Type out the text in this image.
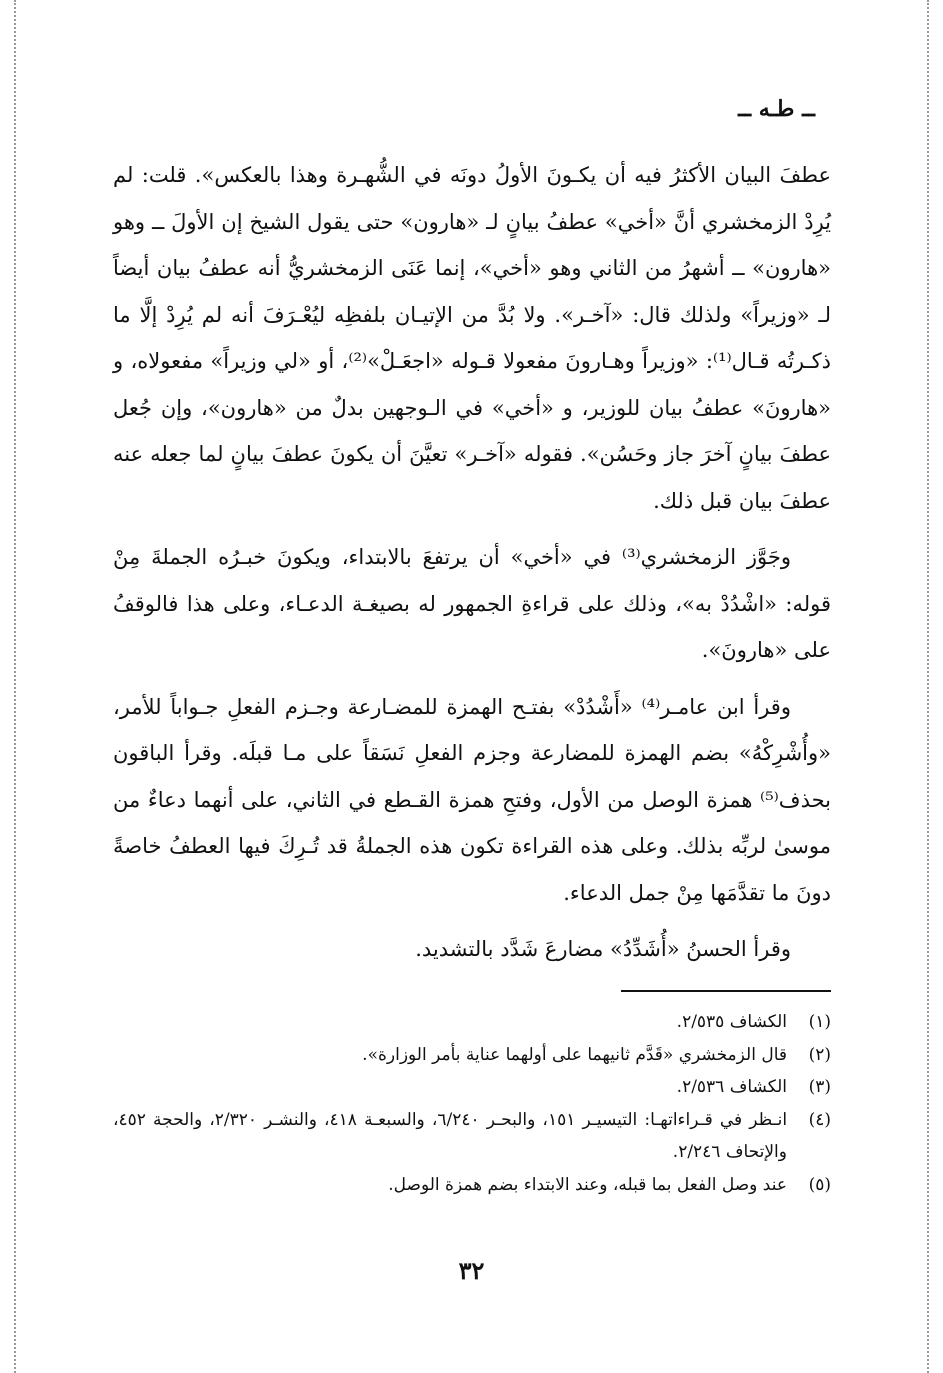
ــ طـه ــ

عطفَ البيان الأكثرُ فيه أن يكـونَ الأولُ دونَه في الشُّهـرة وهذا بالعكس». قلت: لم يُرِدْ الزمخشري أنَّ «أخي» عطفُ بيانٍ لـ «هارون» حتى يقول الشيخ إن الأولَ ــ وهو «هارون» ــ أشهرُ من الثاني وهو «أخي»، إنما عَنَى الزمخشريُّ أنه عطفُ بيان أيضاً لـ «وزيراً» ولذلك قال: «آخـر». ولا بُدَّ من الإتيـان بلفظِه ليُعْـرَفَ أنه لم يُرِدْ إلَّا ما ذكـرتُه قـال⁽¹⁾: «وزيراً وهـارونَ مفعولا قـوله «اجعَـلْ»⁽²⁾، أو «لي وزيراً» مفعولاه، و «هارونَ» عطفُ بيان للوزير، و «أخي» في الـوجهين بدلٌ من «هارون»، وإن جُعل عطفَ بيانٍ آخرَ جاز وحَسُن». فقوله «آخـر» تعيَّنَ أن يكونَ عطفَ بيانٍ لما جعله عنه عطفَ بيان قبل ذلك.

وجَوَّز الزمخشري⁽³⁾ في «أخي» أن يرتفعَ بالابتداء، ويكونَ خبـرُه الجملةَ مِنْ قوله: «اشْدُدْ به»، وذلك على قراءةِ الجمهور له بصيغـة الدعـاء، وعلى هذا فالوقفُ على «هارونَ».

وقرأ ابن عامـر⁽⁴⁾ «أَشْدُدْ» بفتـح الهمزة للمضـارعة وجـزم الفعلِ جـواباً للأمر، «وأُشْرِكْهُ» بضم الهمزة للمضارعة وجزم الفعلِ نَسَقاً على مـا قبلَه. وقرأ الباقون بحذف⁽⁵⁾ همزة الوصل من الأول، وفتحِ همزة القـطع في الثاني، على أنهما دعاءٌ من موسىٰ لربِّه بذلك. وعلى هذه القراءة تكون هذه الجملةُ قد تُـرِكَ فيها العطفُ خاصةً دونَ ما تقدَّمَها مِنْ جمل الدعاء.

وقرأ الحسنُ «أُشَدِّدُ» مضارعَ شَدَّد بالتشديد.

(١)
الكشاف ٢/٥٣٥.
(٢)
قال الزمخشري «قَدَّم ثانيهما على أولهما عناية بأمر الوزارة».
(٣)
الكشاف ٢/٥٣٦.
(٤)
انـظر في قـراءاتهـا: التيسيـر ١٥١، والبحـر ٦/٢٤٠، والسبعـة ٤١٨، والنشـر ٢/٣٢٠، والحجة ٤٥٢، والإتحاف ٢/٢٤٦.
(٥)
عند وصل الفعل بما قبله، وعند الابتداء بضم همزة الوصل.
٣٢
